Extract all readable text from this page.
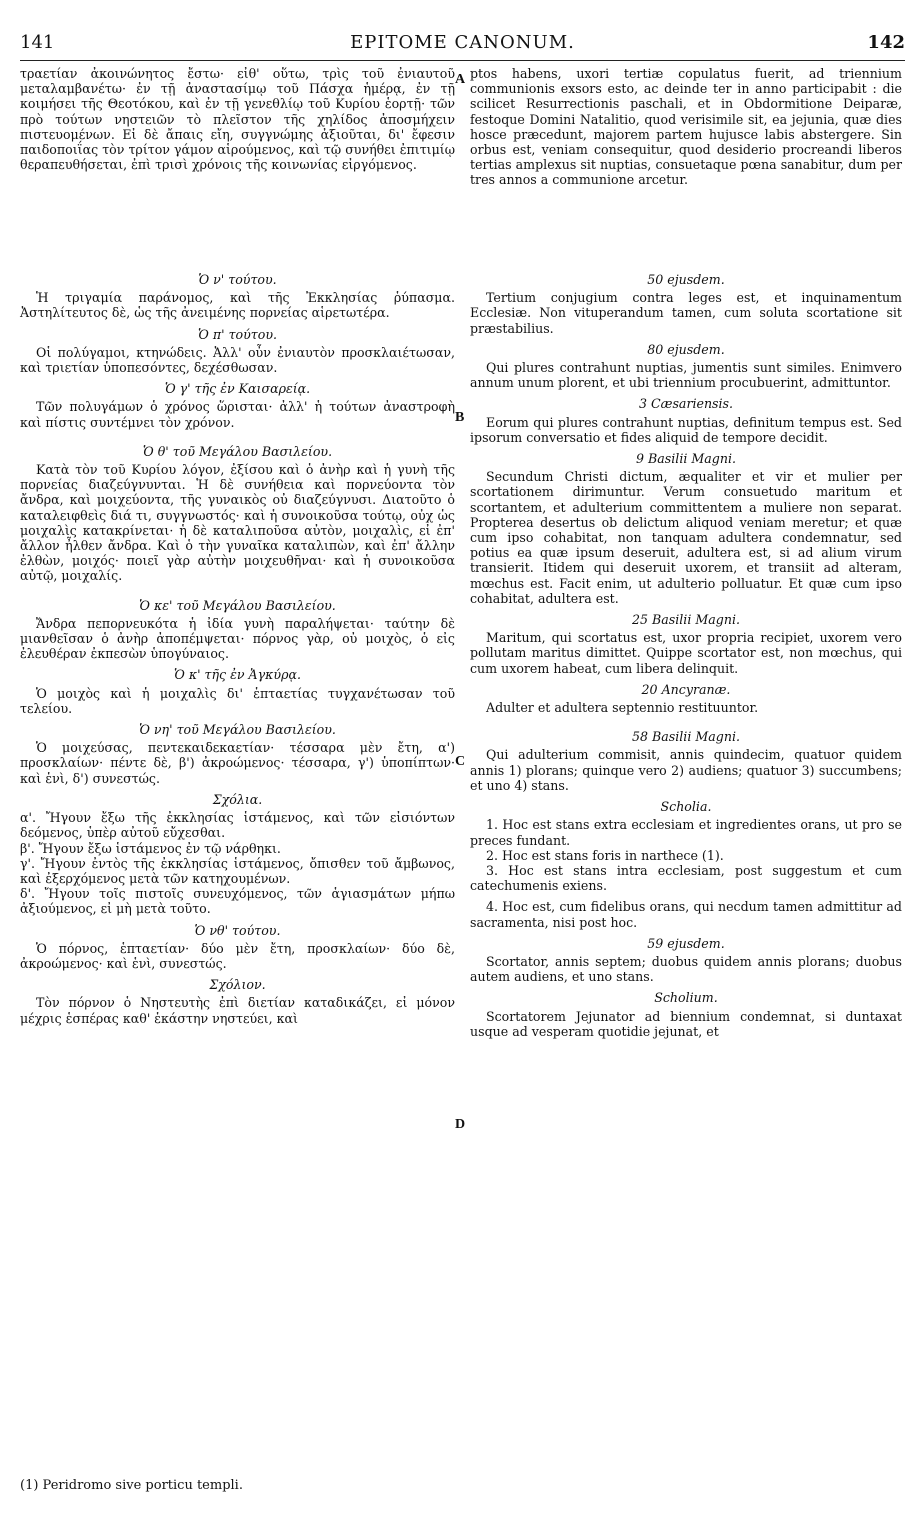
141	EPITOME CANONUM.	142
τραετίαν ἀκοινώνητος ἔστω· εἰθ' οὕτω, τρὶς τοῦ ἐνιαυτοῦ μεταλαμβανέτω· ἐν τῇ ἀναστασίμῳ τοῦ Πάσχα ἡμέρᾳ, ἐν τῇ κοιμήσει τῆς Θεοτόκου, καὶ ἐν τῇ γενεθλίῳ τοῦ Κυρίου ἑορτῇ· τῶν πρὸ τούτων νηστειῶν τὸ πλεῖστον τῆς χηλίδος ἀποσμήχειν πιστευομένων. Εἰ δὲ ἄπαις εἴη, συγγνώμης ἀξιοῦται, δι' ἔφεσιν παιδοποιΐας τὸν τρίτον γάμον αἱρούμενος, καὶ τῷ συνήθει ἐπιτιμίῳ θεραπευθήσεται, ἐπὶ τρισὶ χρόνοις τῆς κοινωνίας εἰργόμενος.
Ὁ ν' τούτου.
Ἡ τριγαμία παράνομος, καὶ τῆς Ἐκκλησίας ῥύπασμα. Ἀστηλίτευτος δὲ, ὡς τῆς ἀνειμένης πορνείας αἱρετωτέρα.
Ὁ π' τούτου.
Οἱ πολύγαμοι, κτηνώδεις. Ἀλλ' οὖν ἐνιαυτὸν προσκλαιέτωσαν, καὶ τριετίαν ὑποπεσόντες, δεχέσθωσαν.
Ὁ γ' τῆς ἐν Καισαρείᾳ.
Τῶν πολυγάμων ὁ χρόνος ὥρισται· ἀλλ' ἡ τούτων ἀναστροφὴ καὶ πίστις συντέμνει τὸν χρόνον.
Ὁ θ' τοῦ Μεγάλου Βασιλείου.
Κατὰ τὸν τοῦ Κυρίου λόγον, ἐξίσου καὶ ὁ ἀνὴρ καὶ ἡ γυνὴ τῆς πορνείας διαζεύγνυνται. Ἡ δὲ συνήθεια καὶ πορνεύοντα τὸν ἄνδρα, καὶ μοιχεύοντα, τῆς γυναικὸς οὐ διαζεύγνυσι. Διατοῦτο ὁ καταλειφθεὶς διά τι, συγγνωστός· καὶ ἡ συνοικοῦσα τούτῳ, οὐχ ὡς μοιχαλὶς κατακρίνεται· ἡ δὲ καταλιποῦσα αὐτὸν, μοιχαλὶς, εἰ ἐπ' ἄλλον ἦλθεν ἄνδρα. Καὶ ὁ τὴν γυναῖκα καταλιπὼν, καὶ ἐπ' ἄλλην ἐλθὼν, μοιχός· ποιεῖ γὰρ αὐτὴν μοιχευθῆναι· καὶ ἡ συνοικοῦσα αὐτῷ, μοιχαλίς.
Ὁ κε' τοῦ Μεγάλου Βασιλείου.
Ἄνδρα πεπορνευκότα ἡ ἰδία γυνὴ παραλήψεται· ταύτην δὲ μιανθεῖσαν ὁ ἀνὴρ ἀποπέμψεται· πόρνος γὰρ, οὐ μοιχὸς, ὁ εἰς ἐλευθέραν ἐκπεσὼν ὑπογύναιος.
Ὁ κ' τῆς ἐν Ἀγκύρᾳ.
Ὁ μοιχὸς καὶ ἡ μοιχαλὶς δι' ἑπταετίας τυγχανέτωσαν τοῦ τελείου.
Ὁ νη' τοῦ Μεγάλου Βασιλείου.
Ὁ μοιχεύσας, πεντεκαιδεκαετίαν· τέσσαρα μὲν ἔτη, α') προσκλαίων· πέντε δὲ, β') ἀκροώμενος· τέσσαρα, γ') ὑποπίπτων· καὶ ἑνὶ, δ') συνεστώς.
Σχόλια.
α'. Ἤγουν ἔξω τῆς ἐκκλησίας ἱστάμενος, καὶ τῶν εἰσιόντων δεόμενος, ὑπὲρ αὐτοῦ εὔχεσθαι.
β'. Ἤγουν ἔξω ἱστάμενος ἐν τῷ νάρθηκι.
γ'. Ἤγουν ἐντὸς τῆς ἐκκλησίας ἱστάμενος, ὄπισθεν τοῦ ἄμβωνος, καὶ ἐξερχόμενος μετὰ τῶν κατηχουμένων.
δ'. Ἤγουν τοῖς πιστοῖς συνευχόμενος, τῶν ἁγιασμάτων μήπω ἀξιούμενος, εἰ μὴ μετὰ τοῦτο.
Ὁ νθ' τούτου.
Ὁ πόρνος, ἑπταετίαν· δύο μὲν ἔτη, προσκλαίων· δύο δὲ, ἀκροώμενος· καὶ ἑνὶ, συνεστώς.
Σχόλιον.
Τὸν πόρνον ὁ Νηστευτὴς ἐπὶ διετίαν καταδικάζει, εἰ μόνον μέχρις ἑσπέρας καθ' ἑκάστην νηστεύει, καὶ
ptos habens, uxori tertiæ copulatus fuerit, ad triennium communionis exsors esto, ac deinde ter in anno participabit : die scilicet Resurrectionis paschali, et in Obdormitione Deiparæ, festoque Domini Natalitio, quod verisimile sit, ea jejunia, quæ dies hosce præcedunt, majorem partem hujusce labis abstergere. Sin orbus est, veniam consequitur, quod desiderio procreandi liberos tertias amplexus sit nuptias, consuetaque pœna sanabitur, dum per tres annos a communione arcetur.
50 ejusdem.
Tertium conjugium contra leges est, et inquinamentum Ecclesiæ. Non vituperandum tamen, cum soluta scortatione sit præstabilius.
80 ejusdem.
Qui plures contrahunt nuptias, jumentis sunt similes. Enimvero annum unum plorent, et ubi triennium procubuerint, admittuntor.
3 Cæsariensis.
Eorum qui plures contrahunt nuptias, definitum tempus est. Sed ipsorum conversatio et fides aliquid de tempore decidit.
9 Basilii Magni.
Secundum Christi dictum, æqualiter et vir et mulier per scortationem dirimuntur. Verum consuetudo maritum et scortantem, et adulterium committentem a muliere non separat. Propterea desertus ob delictum aliquod veniam meretur; et quæ cum ipso cohabitat, non tanquam adultera condemnatur, sed potius ea quæ ipsum deseruit, adultera est, si ad alium virum transierit. Itidem qui deseruit uxorem, et transiit ad alteram, mœchus est. Facit enim, ut adulterio polluatur. Et quæ cum ipso cohabitat, adultera est.
25 Basilii Magni.
Maritum, qui scortatus est, uxor propria recipiet, uxorem vero pollutam maritus dimittet. Quippe scortator est, non mœchus, qui cum uxorem habeat, cum libera delinquit.
20 Ancyranæ.
Adulter et adultera septennio restituuntor.
58 Basilii Magni.
Qui adulterium commisit, annis quindecim, quatuor quidem annis 1) plorans; quinque vero 2) audiens; quatuor 3) succumbens; et uno 4) stans.
Scholia.
1. Hoc est stans extra ecclesiam et ingredientes orans, ut pro se preces fundant.
2. Hoc est stans foris in narthece (1).
3. Hoc est stans intra ecclesiam, post suggestum et cum catechumenis exiens.
4. Hoc est, cum fidelibus orans, qui necdum tamen admittitur ad sacramenta, nisi post hoc.
59 ejusdem.
Scortator, annis septem; duobus quidem annis plorans; duobus autem audiens, et uno stans.
Scholium.
Scortatorem Jejunator ad biennium condemnat, si duntaxat usque ad vesperam quotidie jejunat, et
A
B
C
D
(1) Peridromo sive porticu templi.
